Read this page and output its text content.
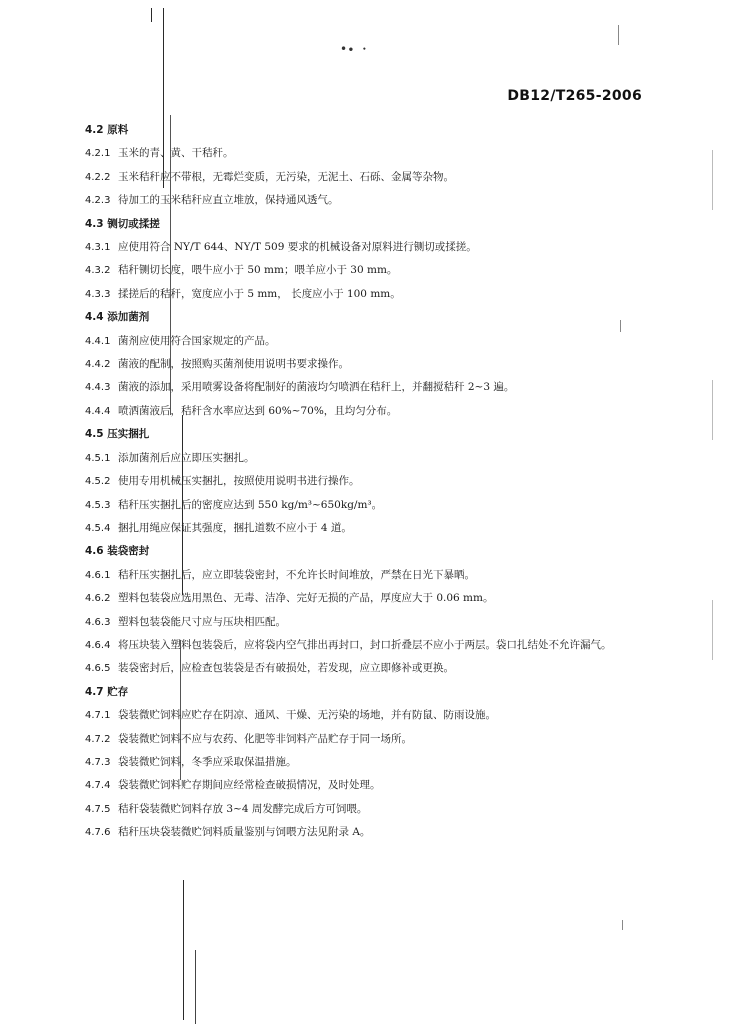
•∙ ・
DB12/T265-2006
4.2 原料
4.2.1 玉米的青、黄、干秸秆。
4.2.2 玉米秸秆应不带根，无霉烂变质，无污染，无泥土、石砾、金属等杂物。
4.2.3 待加工的玉米秸秆应直立堆放，保持通风透气。
4.3 铡切或揉搓
4.3.1 应使用符合 NY/T 644、NY/T 509 要求的机械设备对原料进行铡切或揉搓。
4.3.2 秸秆铡切长度，喂牛应小于 50 mm；喂羊应小于 30 mm。
4.3.3 揉搓后的秸秆，宽度应小于 5 mm， 长度应小于 100 mm。
4.4 添加菌剂
4.4.1 菌剂应使用符合国家规定的产品。
4.4.2 菌液的配制，按照购买菌剂使用说明书要求操作。
4.4.3 菌液的添加，采用喷雾设备将配制好的菌液均匀喷洒在秸秆上，并翻搅秸秆 2~3 遍。
4.4.4 喷洒菌液后，秸秆含水率应达到 60%~70%，且均匀分布。
4.5 压实捆扎
4.5.1 添加菌剂后应立即压实捆扎。
4.5.2 使用专用机械压实捆扎，按照使用说明书进行操作。
4.5.3 秸秆压实捆扎后的密度应达到 550 kg/m³~650kg/m³。
4.5.4 捆扎用绳应保证其强度，捆扎道数不应小于 4 道。
4.6 装袋密封
4.6.1 秸秆压实捆扎后，应立即装袋密封，不允许长时间堆放，严禁在日光下暴晒。
4.6.2 塑料包装袋应选用黑色、无毒、洁净、完好无损的产品，厚度应大于 0.06 mm。
4.6.3 塑料包装袋能尺寸应与压块相匹配。
4.6.4 将压块装入塑料包装袋后，应将袋内空气排出再封口，封口折叠层不应小于两层。袋口扎结处不允许漏气。
4.6.5 装袋密封后，应检查包装袋是否有破损处，若发现，应立即修补或更换。
4.7 贮存
4.7.1 袋装微贮饲料应贮存在阴凉、通风、干燥、无污染的场地，并有防鼠、防雨设施。
4.7.2 袋装微贮饲料不应与农药、化肥等非饲料产品贮存于同一场所。
4.7.3 袋装微贮饲料，冬季应采取保温措施。
4.7.4 袋装微贮饲料贮存期间应经常检查破损情况，及时处理。
4.7.5 秸秆袋装微贮饲料存放 3~4 周发酵完成后方可饲喂。
4.7.6 秸秆压块袋装微贮饲料质量鉴别与饲喂方法见附录 A。
